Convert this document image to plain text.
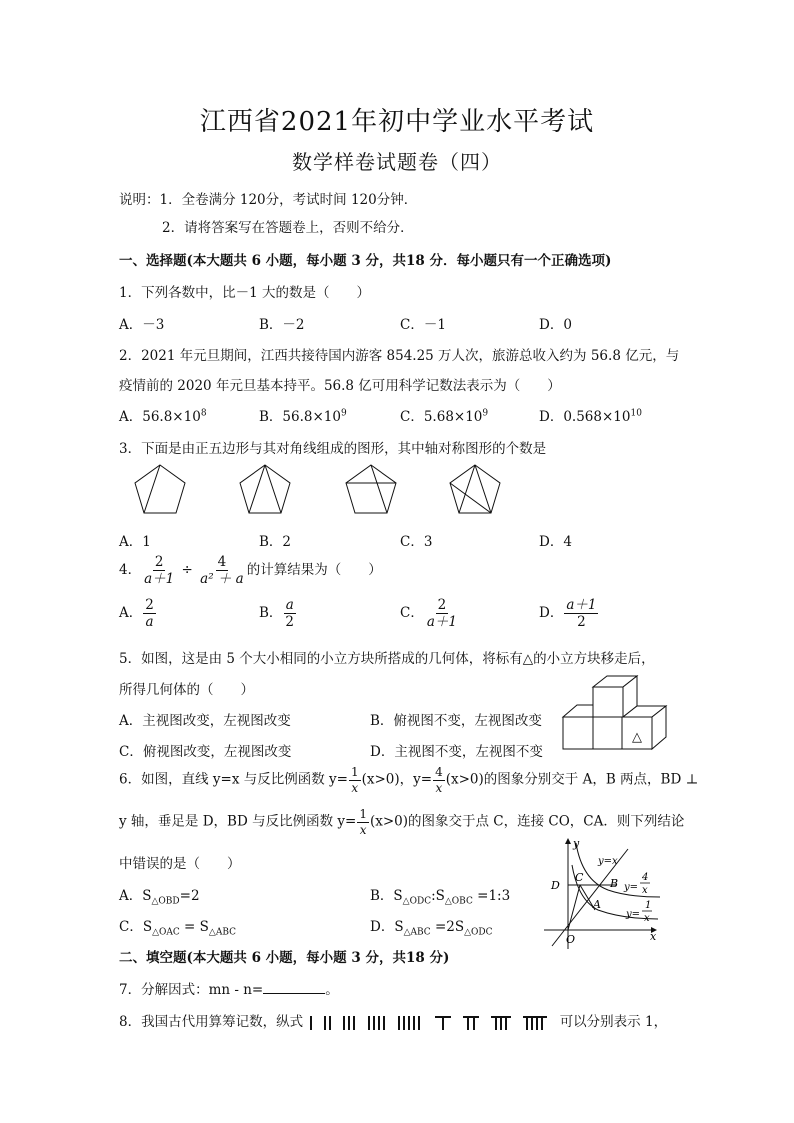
江西省2021年初中学业水平考试
数学样卷试题卷（四）
说明：1．全卷满分 120分，考试时间 120分钟．
2．请将答案写在答题卷上，否则不给分．
一、选择题(本大题共 6 小题，每小题 3 分，共18 分．每小题只有一个正确选项)
1．下列各数中，比－1 大的数是（　　）
A．－3	B．－2	C．－1	D．0
2．2021 年元旦期间，江西共接待国内游客 854.25 万人次，旅游总收入约为 56.8 亿元，与
疫情前的 2020 年元旦基本持平。56.8 亿可用科学记数法表示为（　　）
A．$56.8\times 10^8$	B．$56.8\times 10^9$	C．$5.68\times 10^9$	D．$0.568\times 10^{10}$
3．下面是由正五边形与其对角线组成的图形，其中轴对称图形的个数是
A．1	B．2	C．3	D．4
4． $\frac{2}{a+1} \div \frac{4}{\text{a² ＋ a}}$ 的计算结果为（　　）
A． $\frac{2}{a}$	B． $\frac{a}{2}$	C． $\frac{2}{a+1}$	D． $\frac{a+1}{2}$
5．如图，这是由 5 个大小相同的小立方块所搭成的几何体，将标有△的小立方块移走后，
所得几何体的（　　）
A．主视图改变，左视图改变	B．俯视图不变，左视图改变
C．俯视图改变，左视图改变	D．主视图不变，左视图不变
△
6．如图，直线 y=x 与反比例函数 $y= \frac{1}{x} (x>0)$，$y= \frac{4}{x} (x>0)$的图象分别交于 A，B 两点，BD ⊥
y 轴，垂足是 D，BD 与反比例函数 $y= \frac{1}{x} (x>0)$的图象交于点 C，连接 CO，CA．则下列结论
中错误的是（　　）
A．$S_{\triangle OBD}=2$	B．$S_{\triangle ODC}:S_{\triangle OBC}$ =1:3
C．$S_{\triangle OAC} = S_{\triangle ABC}$	D．$S_{\triangle ABC} =2S_{\triangle ODC}$
y
x
O
D
C B
A
y=x
y=
4
x
y=
1
x
二、填空题(本大题共 6 小题，每小题 3 分，共18 分)
7．分解因式：mn - n=	。
8．我国古代用算筹记数，纵式	可以分别表示 1，
